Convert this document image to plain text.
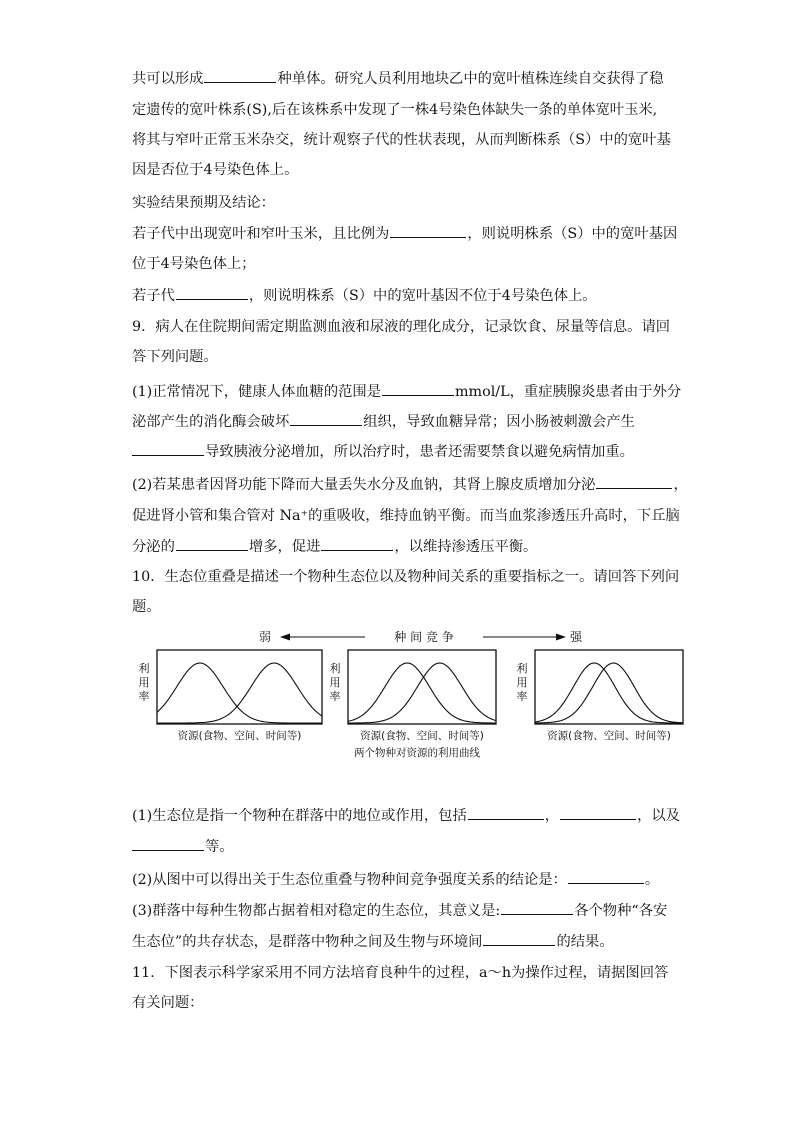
共可以形成	种单体。研究人员利用地块乙中的宽叶植株连续自交获得了稳
定遗传的宽叶株系(S),后在该株系中发现了一株4号染色体缺失一条的单体宽叶玉米,
将其与窄叶正常玉米杂交，统计观察子代的性状表现，从而判断株系（S）中的宽叶基
因是否位于4号染色体上。
实验结果预期及结论：
若子代中出现宽叶和窄叶玉米，且比例为	，则说明株系（S）中的宽叶基因
位于4号染色体上；
若子代	，则说明株系（S）中的宽叶基因不位于4号染色体上。
9．病人在住院期间需定期监测血液和尿液的理化成分，记录饮食、尿量等信息。请回
答下列问题。
(1)正常情况下，健康人体血糖的范围是	mmol/L，重症胰腺炎患者由于外分
泌部产生的消化酶会破坏	组织，导致血糖异常；因小肠被刺激会产生
导致胰液分泌增加，所以治疗时，患者还需要禁食以避免病情加重。
(2)若某患者因肾功能下降而大量丢失水分及血钠，其肾上腺皮质增加分泌	，
促进肾小管和集合管对 Na⁺的重吸收，维持血钠平衡。而当血浆渗透压升高时，下丘脑
分泌的	增多，促进	，以维持渗透压平衡。
10．生态位重叠是描述一个物种生态位以及物种间关系的重要指标之一。请回答下列问
题。
弱	种 间 竞 争	强
利
用
率
资源(食物、空间、时间等)
利
用
率
资源(食物、空间、时间等)
利
用
率
资源(食物、空间、时间等)
两个物种对资源的利用曲线
(1)生态位是指一个物种在群落中的地位或作用，包括	，	，以及
等。
(2)从图中可以得出关于生态位重叠与物种间竞争强度关系的结论是：	。
(3)群落中每种生物都占据着相对稳定的生态位，其意义是:	各个物种“各安
生态位”的共存状态，是群落中物种之间及生物与环境间	的结果。
11．下图表示科学家采用不同方法培育良种牛的过程，a～h为操作过程，请据图回答
有关问题：
